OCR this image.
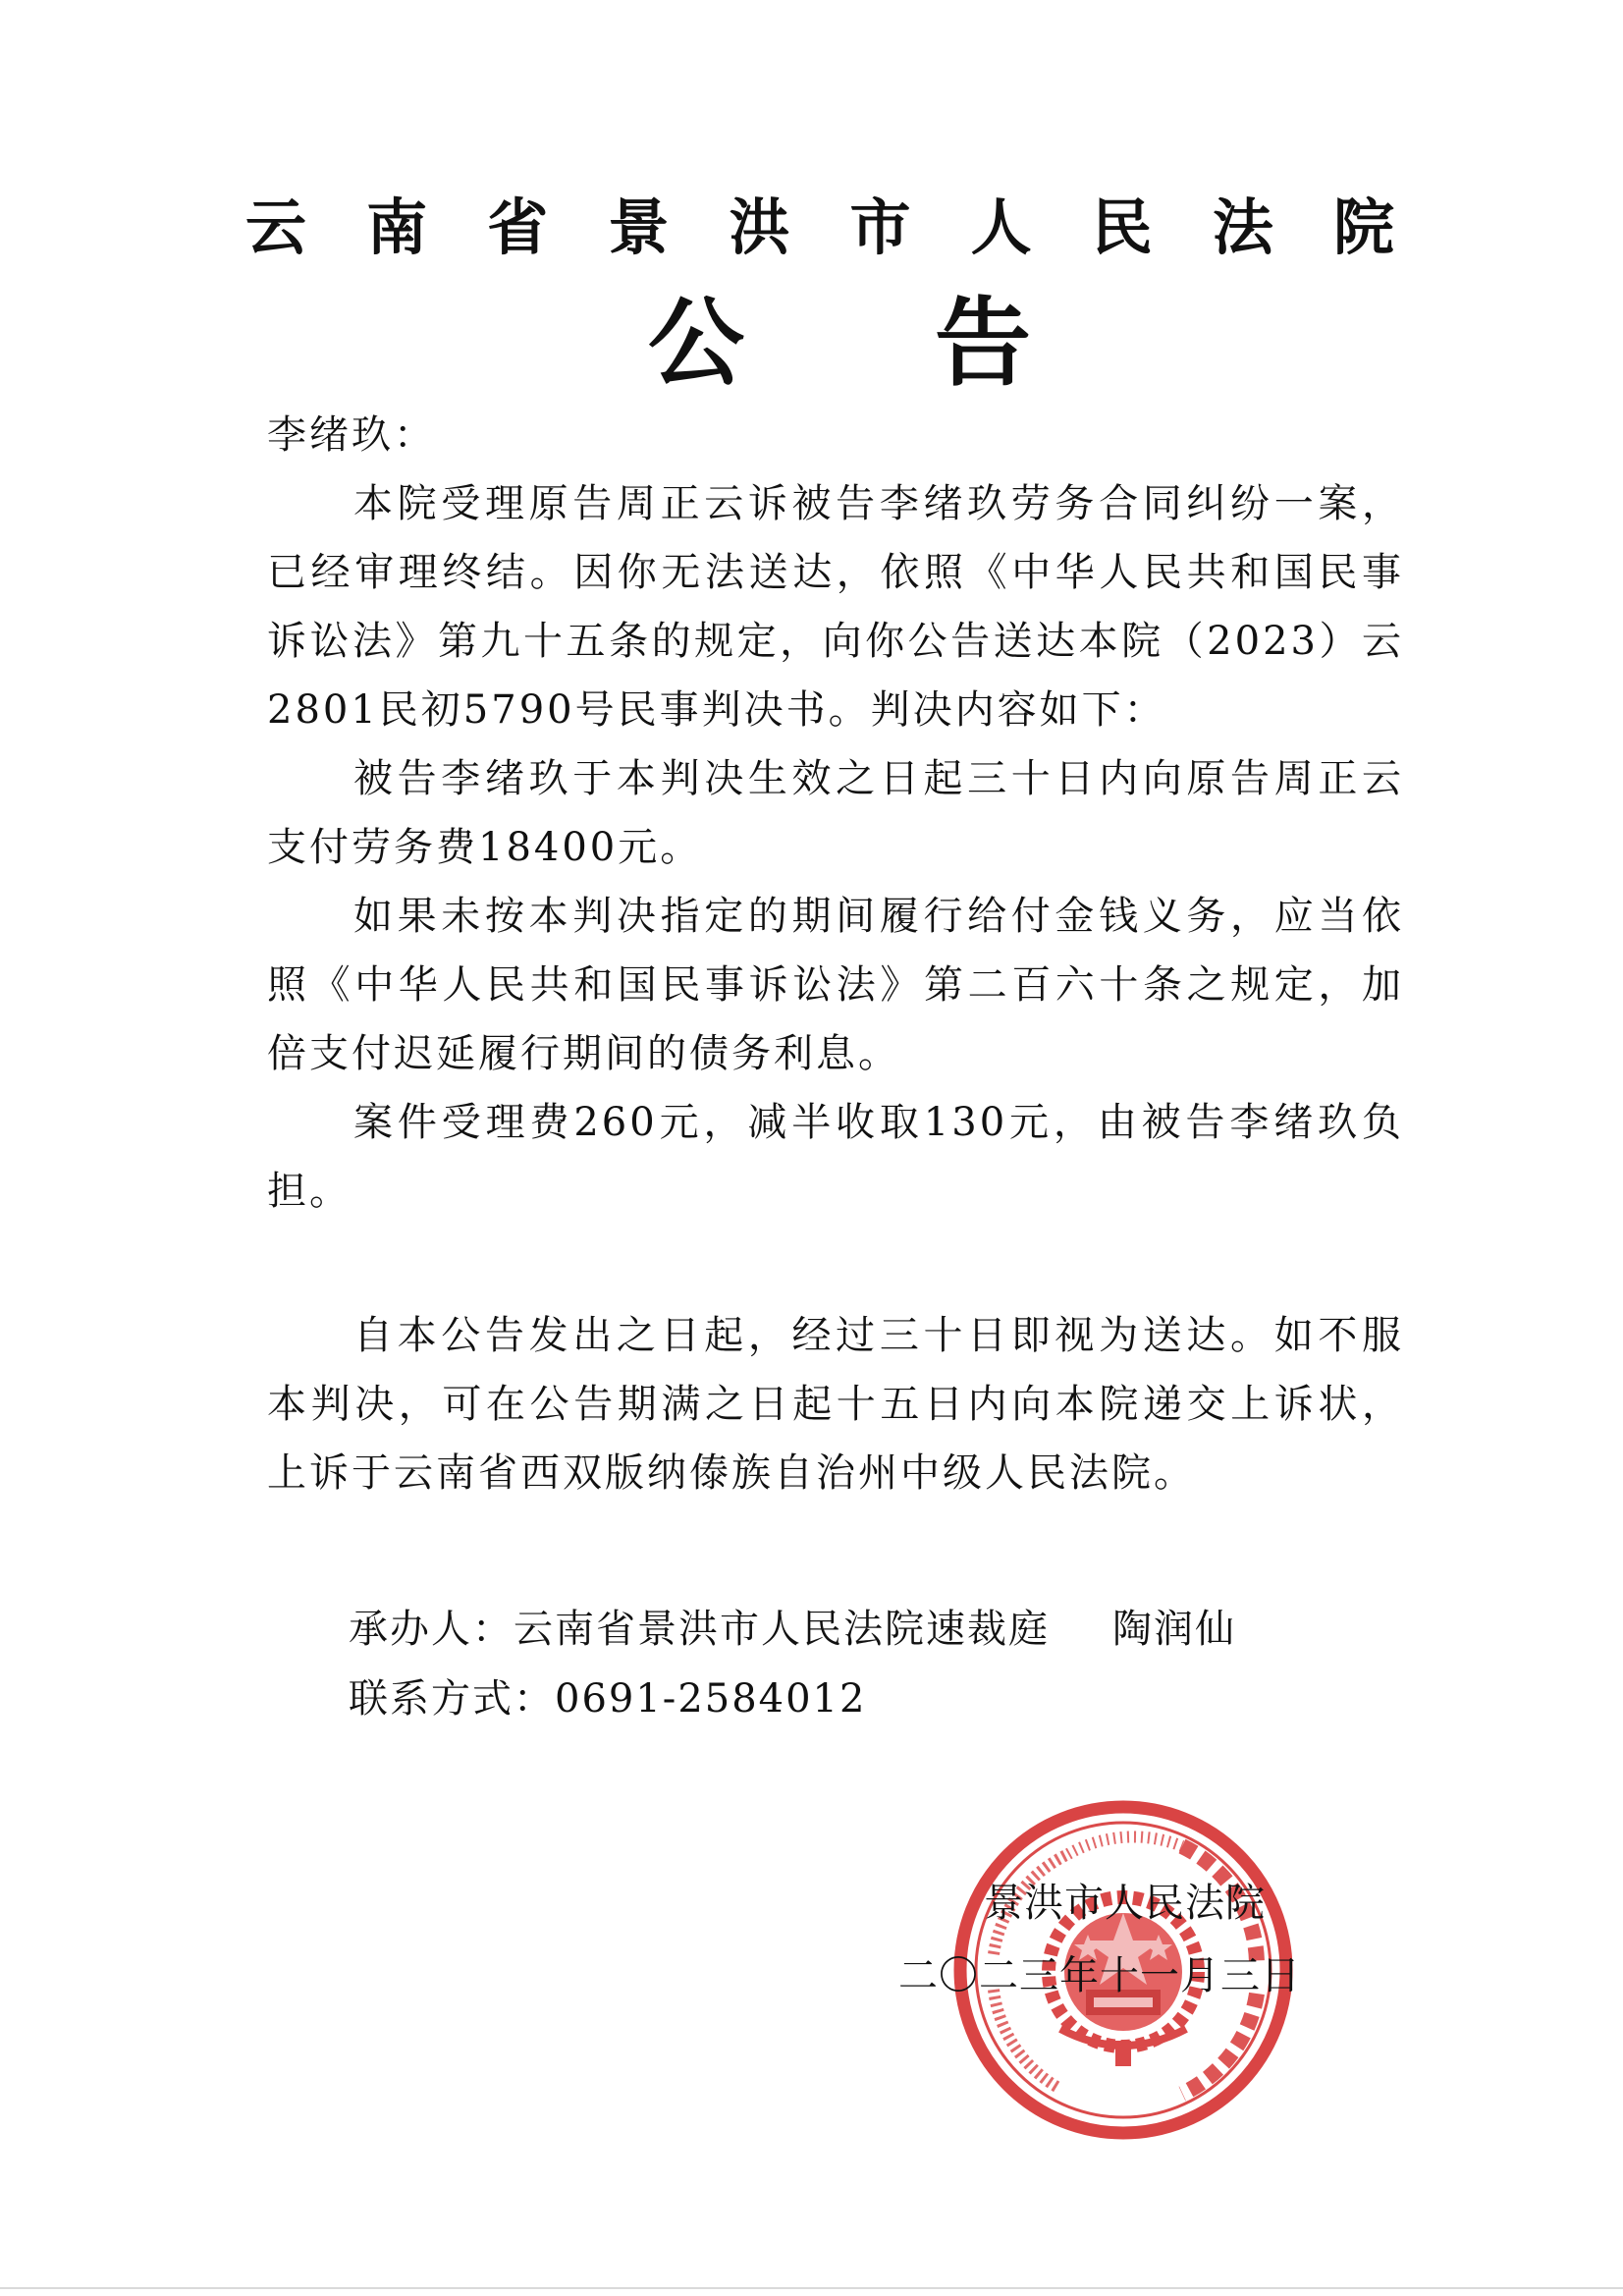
云 南 省 景 洪 市 人 民 法 院
公 告

李绪玖：

本院受理原告周正云诉被告李绪玖劳务合同纠纷一案，已经审理终结。因你无法送达，依照《中华人民共和国民事诉讼法》第九十五条的规定，向你公告送达本院（2023）云2801民初5790号民事判决书。判决内容如下：

被告李绪玖于本判决生效之日起三十日内向原告周正云支付劳务费18400元。

如果未按本判决指定的期间履行给付金钱义务，应当依照《中华人民共和国民事诉讼法》第二百六十条之规定，加倍支付迟延履行期间的债务利息。

案件受理费260元，减半收取130元，由被告李绪玖负担。

自本公告发出之日起，经过三十日即视为送达。如不服本判决，可在公告期满之日起十五日内向本院递交上诉状，上诉于云南省西双版纳傣族自治州中级人民法院。

承办人：云南省景洪市人民法院速裁庭 陶润仙
联系方式：0691-2584012
景洪市人民法院
二〇二三年十一月三日
